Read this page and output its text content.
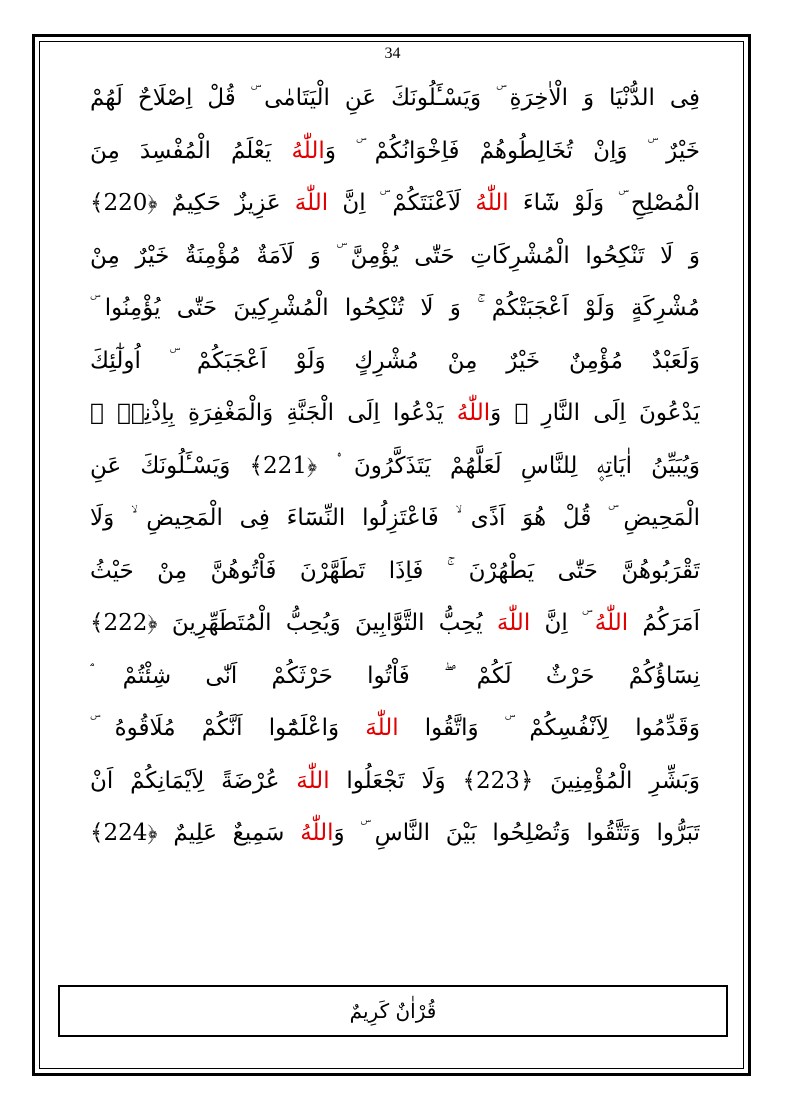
34
فِى الدُّنْيَا وَ الْاٰخِرَةِ وَيَسْـَٔلُونَكَ عَنِ الْيَتَامٰى قُلْ اِصْلَاحٌ لَهُمْ
خَيْرٌ وَاِنْ تُخَالِطُوهُمْ فَاِخْوَانُكُمْ وَاللّٰهُ يَعْلَمُ الْمُفْسِدَ مِنَ
الْمُصْلِحِ وَلَوْ شَٓاءَ اللّٰهُ لَاَعْنَتَكُمْ اِنَّ اللّٰهَ عَزِيزٌ حَكِيمٌ ﴿220﴾
وَ لَا تَنْكِحُوا الْمُشْرِكَاتِ حَتّٰى يُؤْمِنَّ وَ لَاَمَةٌ مُؤْمِنَةٌ خَيْرٌ مِنْ
مُشْرِكَةٍ وَلَوْ اَعْجَبَتْكُمْ وَ لَا تُنْكِحُوا الْمُشْرِكِينَ حَتّٰى يُؤْمِنُوا
وَلَعَبْدٌ مُؤْمِنٌ خَيْرٌ مِنْ مُشْرِكٍ وَلَوْ اَعْجَبَكُمْ اُولٰٓئِكَ
يَدْعُونَ اِلَى النَّارِ وَاللّٰهُ يَدْعُوا اِلَى الْجَنَّةِ وَالْمَغْفِرَةِ بِاِذْنِه۪
وَيُبَيِّنُ اٰيَاتِه۪ لِلنَّاسِ لَعَلَّهُمْ يَتَذَكَّرُونَ ﴿221﴾ وَيَسْـَٔلُونَكَ عَنِ
الْمَحِيضِ قُلْ هُوَ اَذًى فَاعْتَزِلُوا النِّسَٓاءَ فِى الْمَحِيضِ وَلَا
تَقْرَبُوهُنَّ حَتّٰى يَطْهُرْنَ فَاِذَا تَطَهَّرْنَ فَاْتُوهُنَّ مِنْ حَيْثُ
اَمَرَكُمُ اللّٰهُ اِنَّ اللّٰهَ يُحِبُّ التَّوَّابِينَ وَيُحِبُّ الْمُتَطَهِّرِينَ ﴿222﴾
نِسَٓاؤُكُمْ حَرْثٌ لَكُمْ فَاْتُوا حَرْثَكُمْ اَنّٰى شِئْتُمْ
وَقَدِّمُوا لِاَنْفُسِكُمْ وَاتَّقُوا اللّٰهَ وَاعْلَمُٓوا اَنَّكُمْ مُلَاقُوهُ
وَبَشِّرِ الْمُؤْمِنِينَ ﴿223﴾ وَلَا تَجْعَلُوا اللّٰهَ عُرْضَةً لِاَيْمَانِكُمْ اَنْ
تَبَرُّوا وَتَتَّقُوا وَتُصْلِحُوا بَيْنَ النَّاسِ وَاللّٰهُ سَمِيعٌ عَلِيمٌ ﴿224﴾
قُرْاٰنٌ كَرِيمٌ
